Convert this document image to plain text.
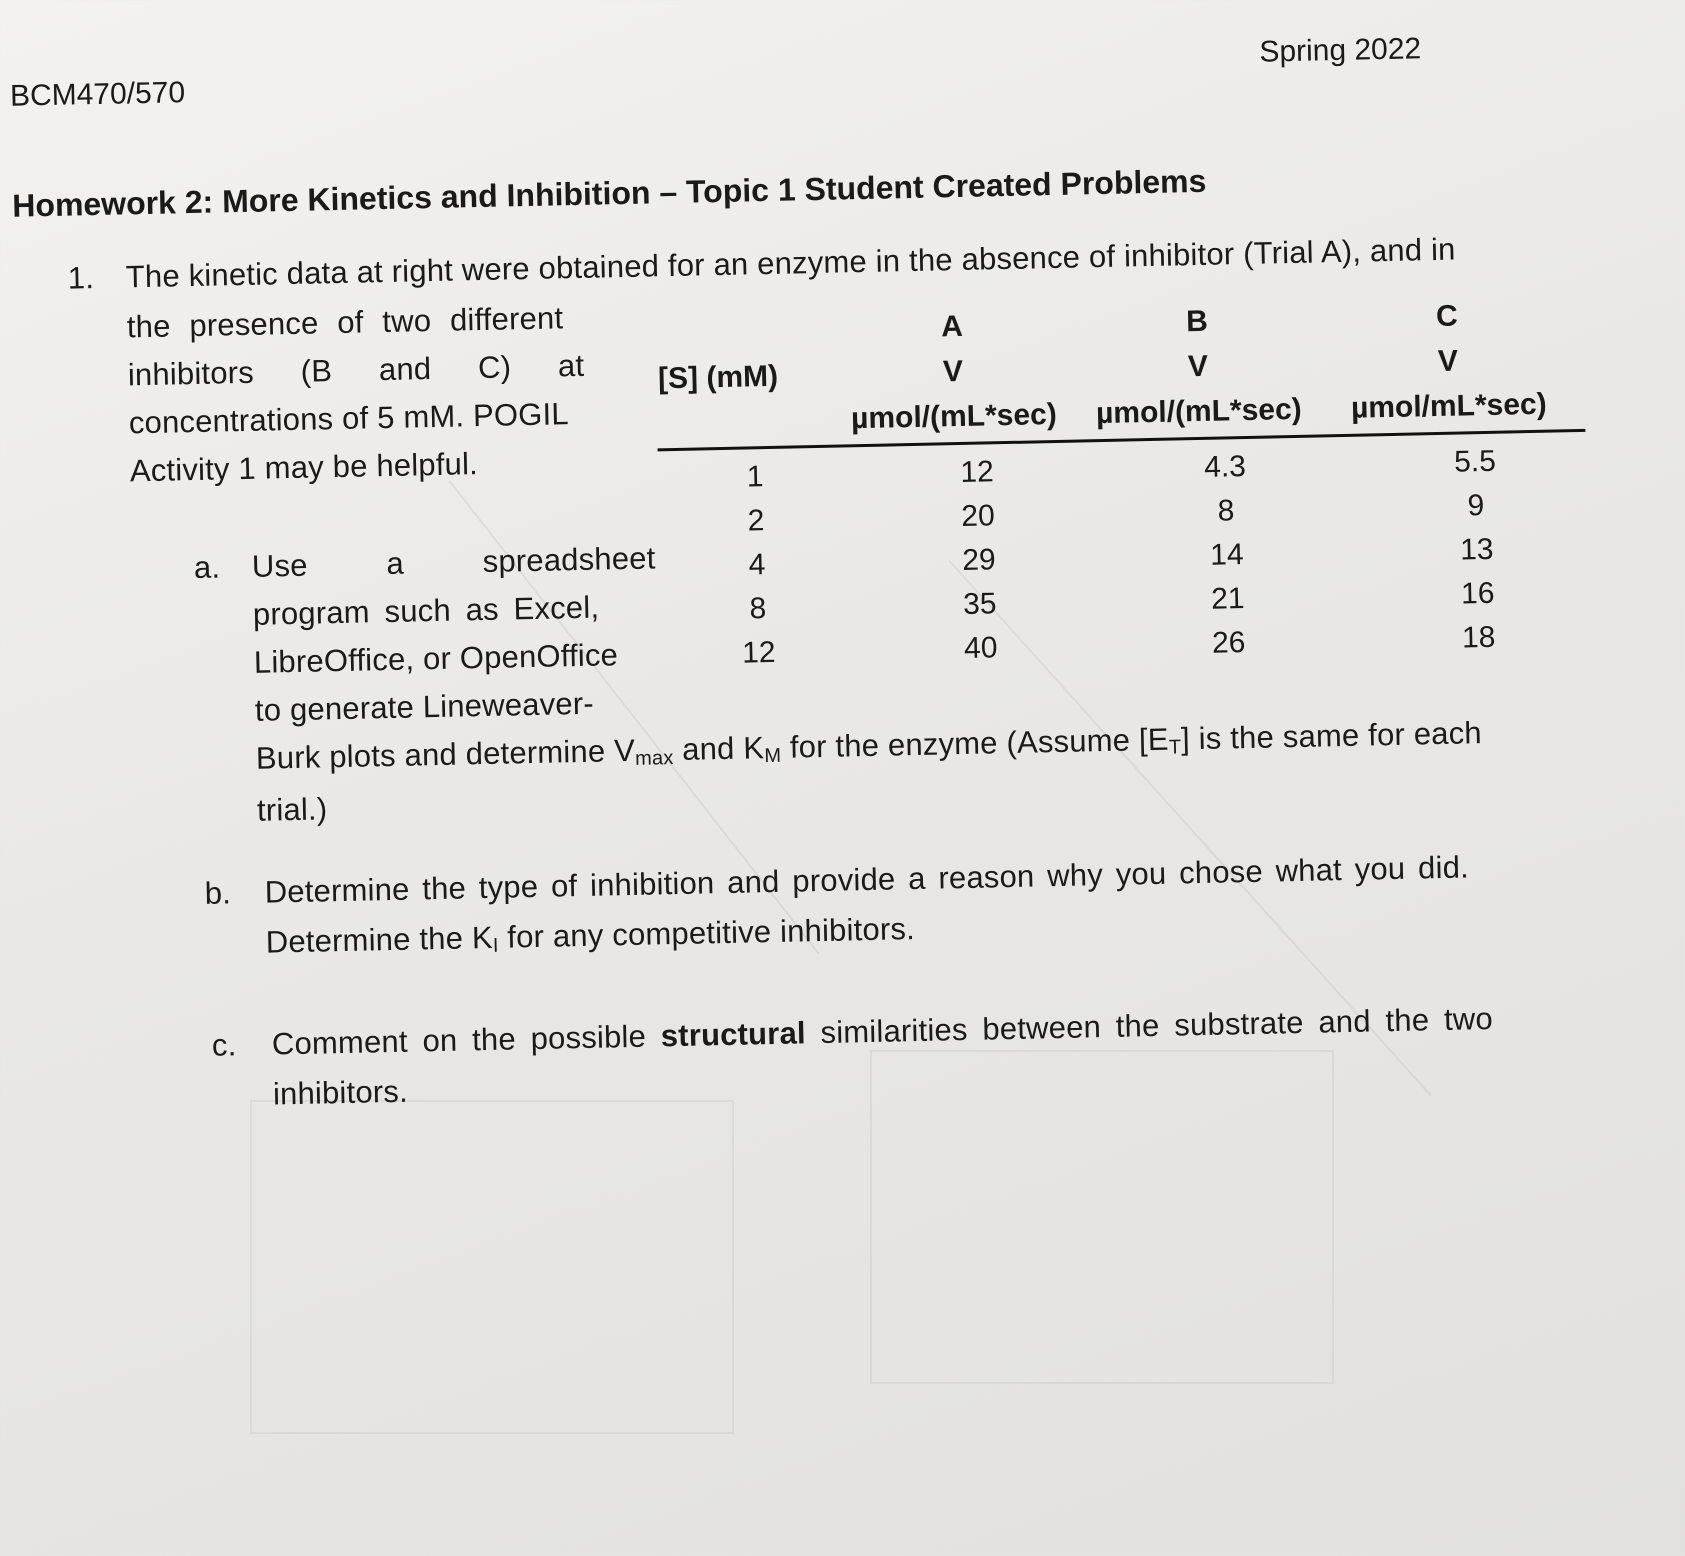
BCM470/570
Spring 2022
Homework 2: More Kinetics and Inhibition – Topic 1 Student Created Problems
1. The kinetic data at right were obtained for an enzyme in the absence of inhibitor (Trial A), and in
the presence of two different
inhibitors (B and C) at
concentrations of 5 mM. POGIL
Activity 1 may be helpful.
[S] (mM)
A
V
µmol/(mL*sec)
B
V
µmol/(mL*sec)
C
V
µmol/mL*sec)
1	12	4.3	5.5
2	20	8	9
4	29	14	13
8	35	21	16
12	40	26	18
a. Use a spreadsheet
program such as Excel,
LibreOffice, or OpenOffice
to generate Lineweaver-
Burk plots and determine $V_{max}$ and $K_M$ for the enzyme (Assume $[E_T]$ is the same for each
trial.)
b. Determine the type of inhibition and provide a reason why you chose what you did.
Determine the $K_I$ for any competitive inhibitors.
c. Comment on the possible structural similarities between the substrate and the two
inhibitors.
